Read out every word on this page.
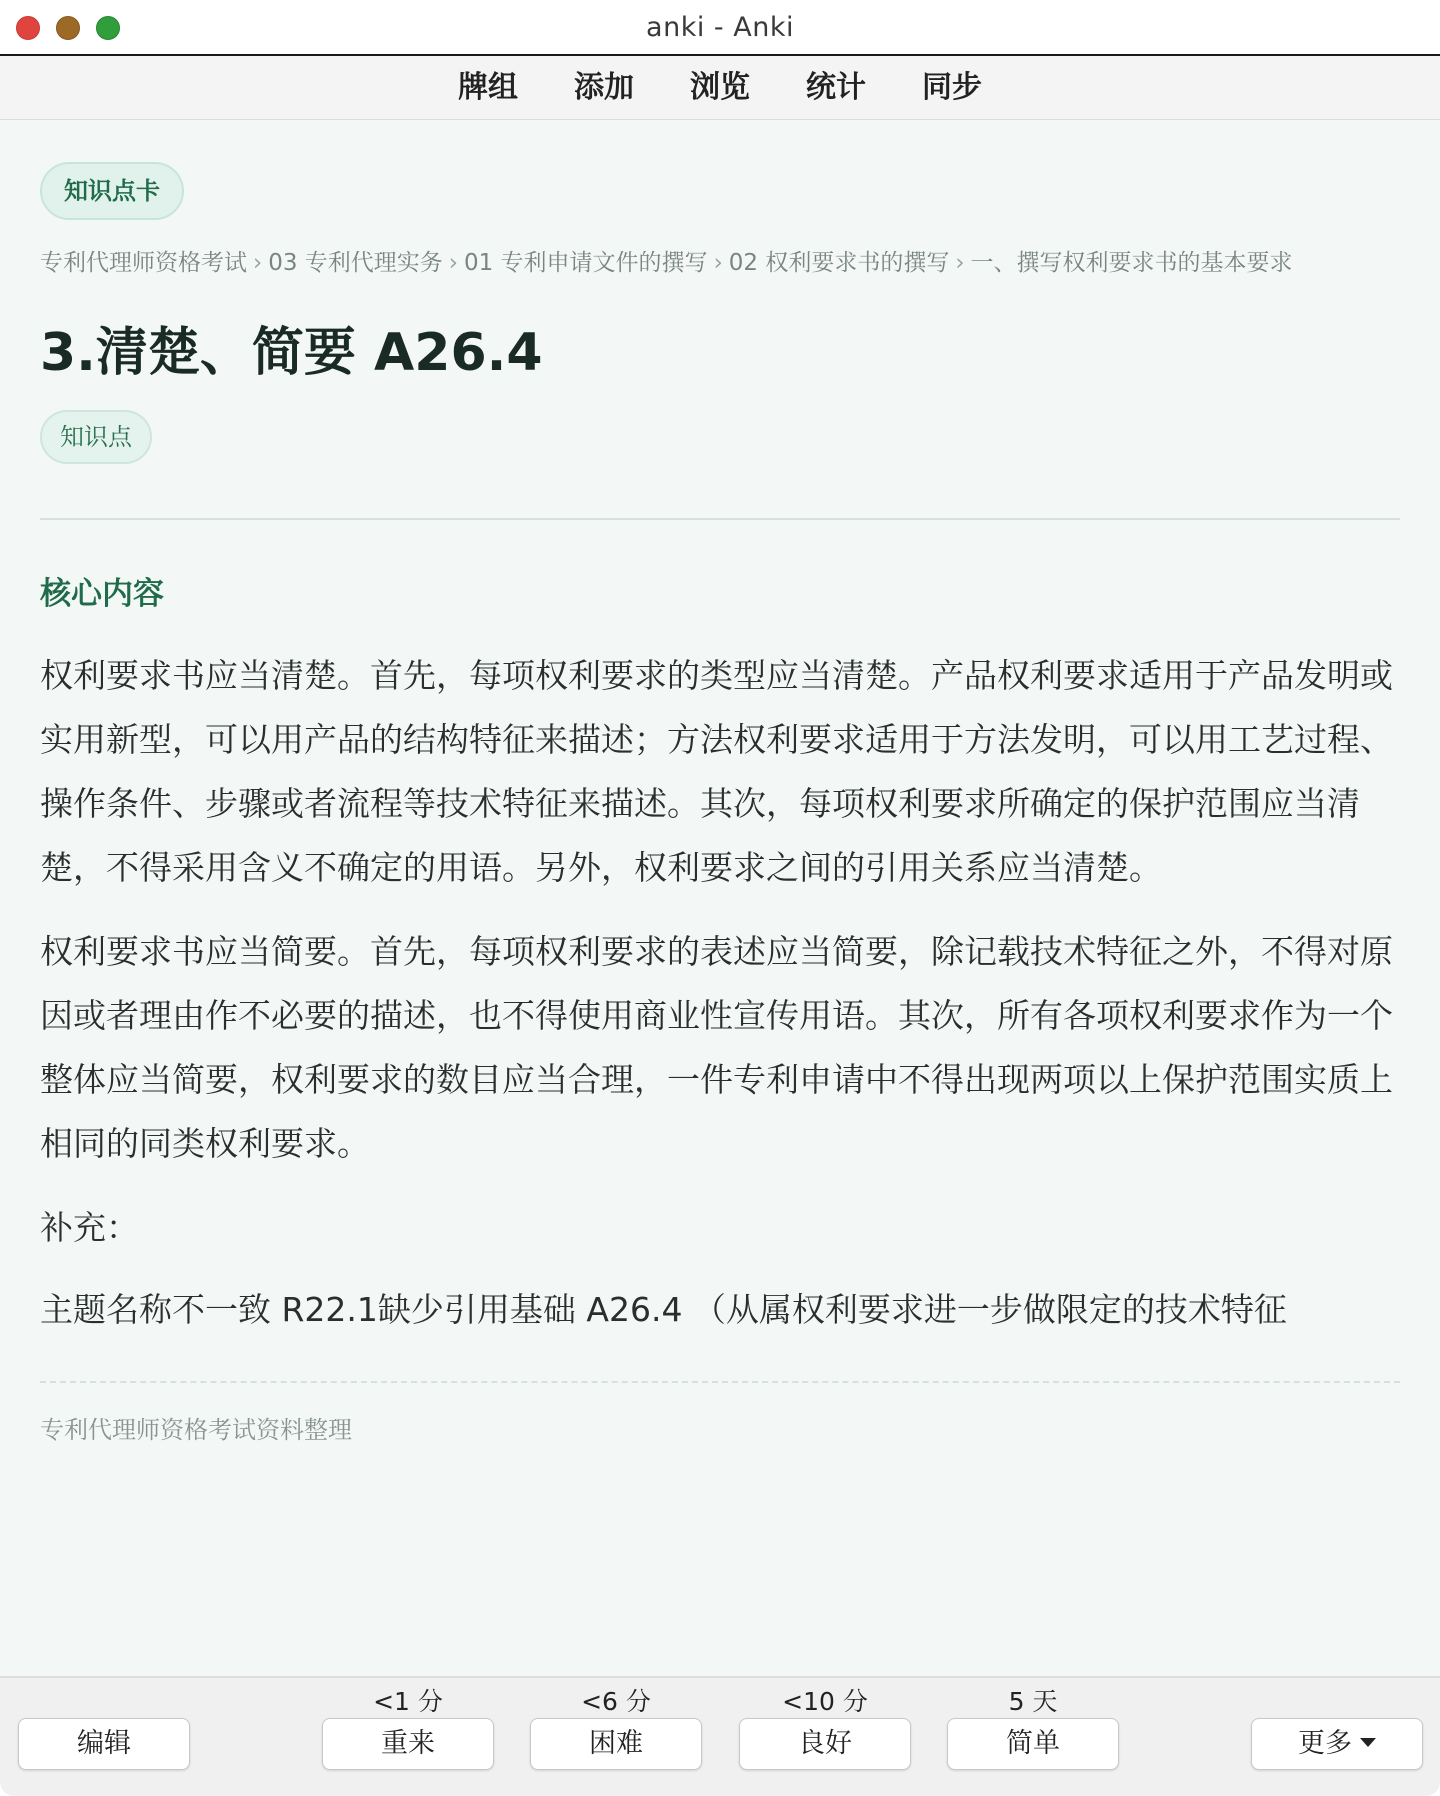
anki - Anki
牌组	添加	浏览	统计	同步
知识点卡
专利代理师资格考试 › 03 专利代理实务 › 01 专利申请文件的撰写 › 02 权利要求书的撰写 › 一、撰写权利要求书的基本要求
3.清楚、简要 A26.4
知识点
核心内容

权利要求书应当清楚。首先，每项权利要求的类型应当清楚。产品权利要求适用于产品发明或实用新型，可以用产品的结构特征来描述；方法权利要求适用于方法发明，可以用工艺过程、操作条件、步骤或者流程等技术特征来描述。其次，每项权利要求所确定的保护范围应当清楚，不得采用含义不确定的用语。另外，权利要求之间的引用关系应当清楚。

权利要求书应当简要。首先，每项权利要求的表述应当简要，除记载技术特征之外，不得对原因或者理由作不必要的描述，也不得使用商业性宣传用语。其次，所有各项权利要求作为一个整体应当简要，权利要求的数目应当合理，一件专利申请中不得出现两项以上保护范围实质上相同的同类权利要求。

补充：

主题名称不一致 R22.1缺少引用基础 A26.4 （从属权利要求进一步做限定的技术特征

专利代理师资格考试资料整理
编辑
<1 分
重来
<6 分
困难
<10 分
良好
5 天
简单	更多
